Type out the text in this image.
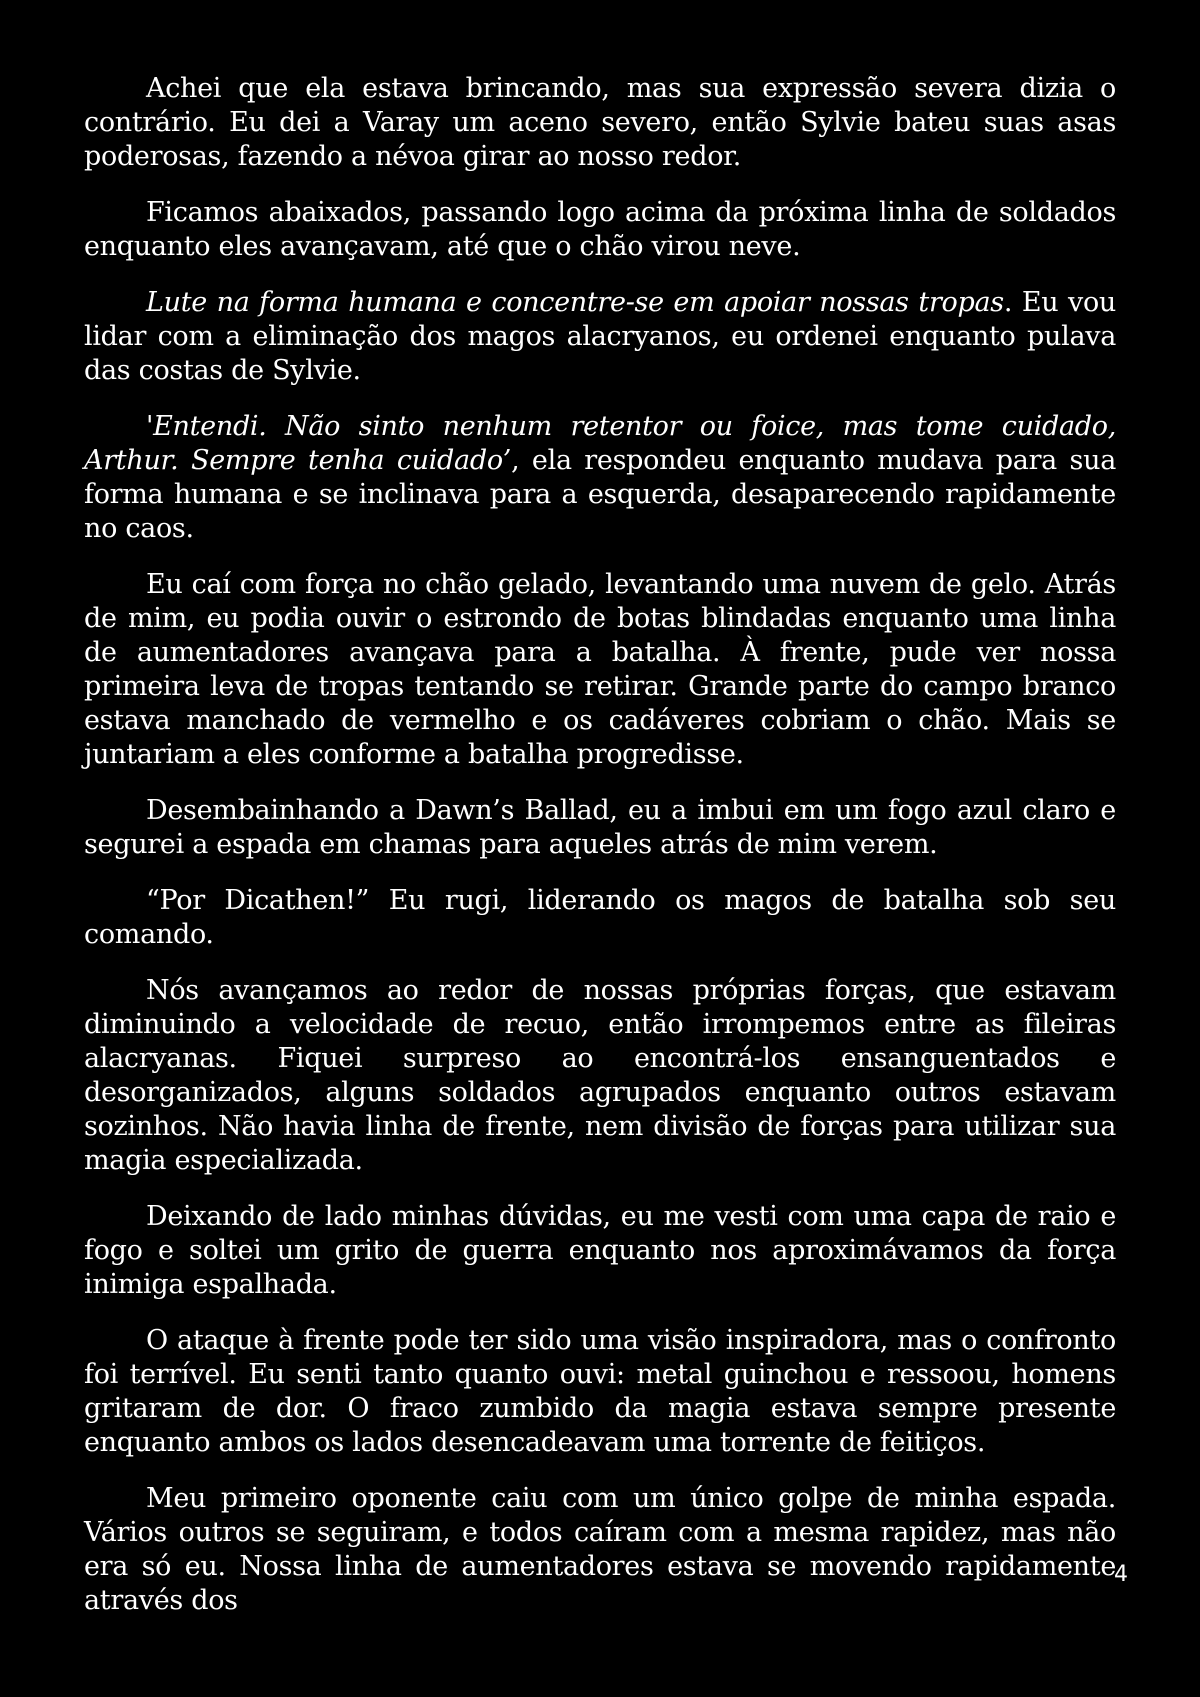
Achei que ela estava brincando, mas sua expressão severa dizia o contrário. Eu dei a Varay um aceno severo, então Sylvie bateu suas asas poderosas, fazendo a névoa girar ao nosso redor.

Ficamos abaixados, passando logo acima da próxima linha de soldados enquanto eles avançavam, até que o chão virou neve.

Lute na forma humana e concentre-se em apoiar nossas tropas. Eu vou lidar com a eliminação dos magos alacryanos, eu ordenei enquanto pulava das costas de Sylvie.

'Entendi. Não sinto nenhum retentor ou foice, mas tome cuidado, Arthur. Sempre tenha cuidado’, ela respondeu enquanto mudava para sua forma humana e se inclinava para a esquerda, desaparecendo rapidamente no caos.

Eu caí com força no chão gelado, levantando uma nuvem de gelo. Atrás de mim, eu podia ouvir o estrondo de botas blindadas enquanto uma linha de aumentadores avançava para a batalha. À frente, pude ver nossa primeira leva de tropas tentando se retirar. Grande parte do campo branco estava manchado de vermelho e os cadáveres cobriam o chão. Mais se juntariam a eles conforme a batalha progredisse.

Desembainhando a Dawn’s Ballad, eu a imbui em um fogo azul claro e segurei a espada em chamas para aqueles atrás de mim verem.

“Por Dicathen!” Eu rugi, liderando os magos de batalha sob seu comando.

Nós avançamos ao redor de nossas próprias forças, que estavam diminuindo a velocidade de recuo, então irrompemos entre as fileiras alacryanas. Fiquei surpreso ao encontrá-los ensanguentados e desorganizados, alguns soldados agrupados enquanto outros estavam sozinhos. Não havia linha de frente, nem divisão de forças para utilizar sua magia especializada.

Deixando de lado minhas dúvidas, eu me vesti com uma capa de raio e fogo e soltei um grito de guerra enquanto nos aproximávamos da força inimiga espalhada.

O ataque à frente pode ter sido uma visão inspiradora, mas o confronto foi terrível. Eu senti tanto quanto ouvi: metal guinchou e ressoou, homens gritaram de dor. O fraco zumbido da magia estava sempre presente enquanto ambos os lados desencadeavam uma torrente de feitiços.

Meu primeiro oponente caiu com um único golpe de minha espada. Vários outros se seguiram, e todos caíram com a mesma rapidez, mas não era só eu. Nossa linha de aumentadores estava se movendo rapidamente através dos

4
